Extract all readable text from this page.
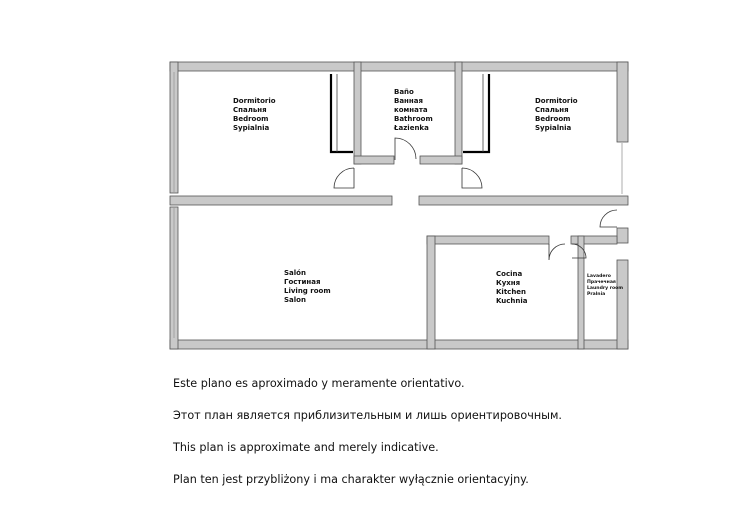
Dormitorio Спальня Bedroom Sypialnia
Baño Ванная комната Bathroom Łazienka
Dormitorio Спальня Bedroom Sypialnia
Salón Гостиная Living room Salon
Cocina Кухня Kitchen Kuchnia
Lavadero Прачечная Laundry room Pralnia
Este plano es aproximado y meramente orientativo.
Этот план является приблизительным и лишь ориентировочным.
This plan is approximate and merely indicative.
Plan ten jest przybliżony i ma charakter wyłącznie orientacyjny.
